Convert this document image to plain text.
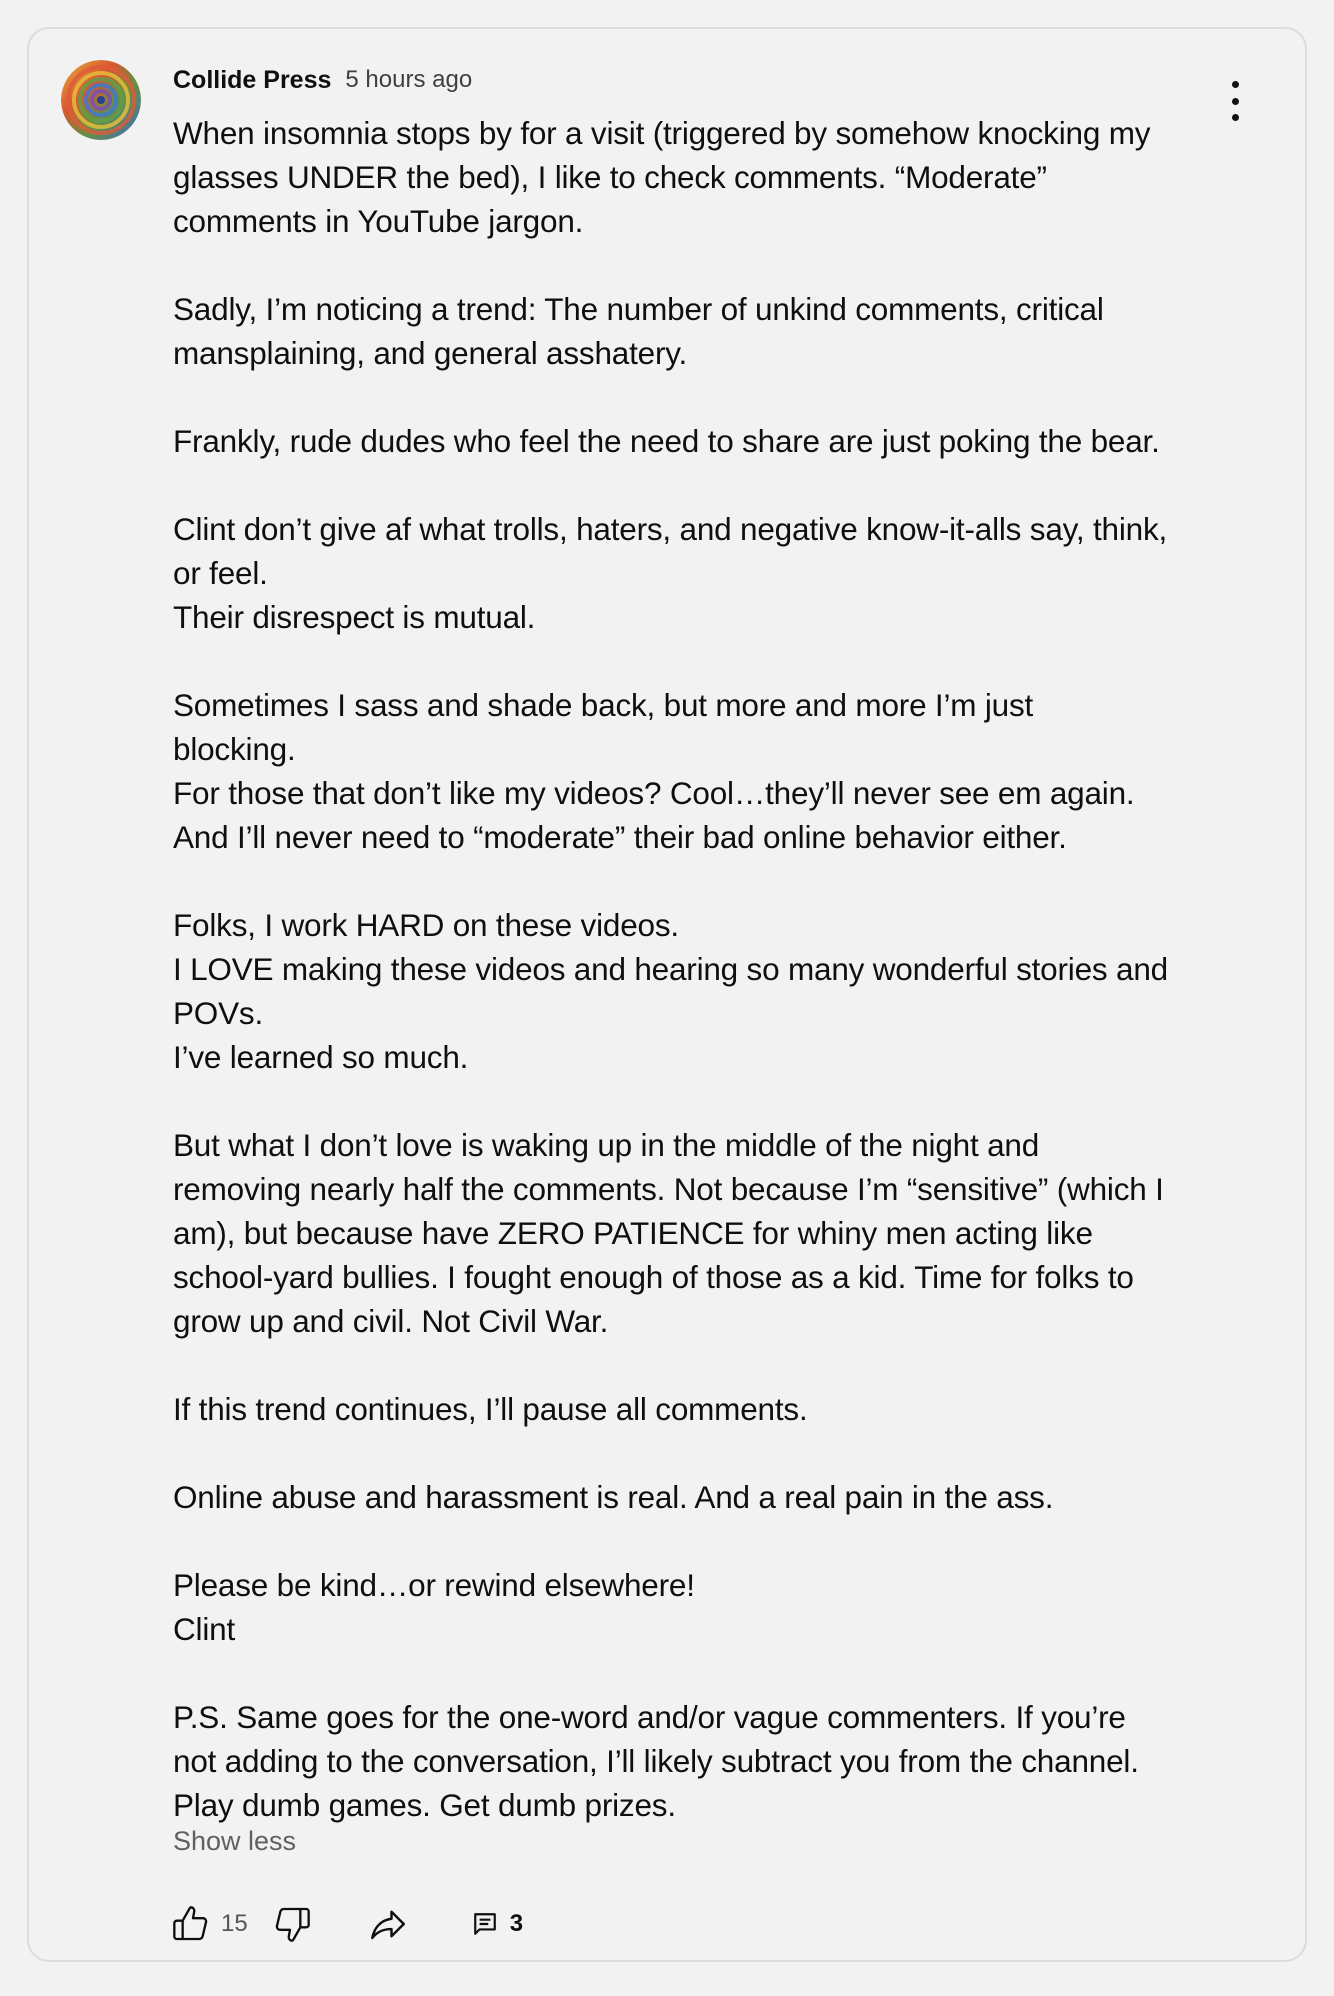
Collide Press 5 hours ago
When insomnia stops by for a visit (triggered by somehow knocking my
glasses UNDER the bed), I like to check comments. “Moderate”
comments in YouTube jargon.
Sadly, I’m noticing a trend: The number of unkind comments, critical
mansplaining, and general asshatery.
Frankly, rude dudes who feel the need to share are just poking the bear.
Clint don’t give af what trolls, haters, and negative know-it-alls say, think,
or feel.
Their disrespect is mutual.
Sometimes I sass and shade back, but more and more I’m just
blocking.
For those that don’t like my videos? Cool…they’ll never see em again.
And I’ll never need to “moderate” their bad online behavior either.
Folks, I work HARD on these videos.
I LOVE making these videos and hearing so many wonderful stories and
POVs.
I’ve learned so much.
But what I don’t love is waking up in the middle of the night and
removing nearly half the comments. Not because I’m “sensitive” (which I
am), but because have ZERO PATIENCE for whiny men acting like
school-yard bullies. I fought enough of those as a kid. Time for folks to
grow up and civil. Not Civil War.
If this trend continues, I’ll pause all comments.
Online abuse and harassment is real. And a real pain in the ass.
Please be kind…or rewind elsewhere!
Clint
P.S. Same goes for the one-word and/or vague commenters. If you’re
not adding to the conversation, I’ll likely subtract you from the channel.
Play dumb games. Get dumb prizes.
Show less
15	3
